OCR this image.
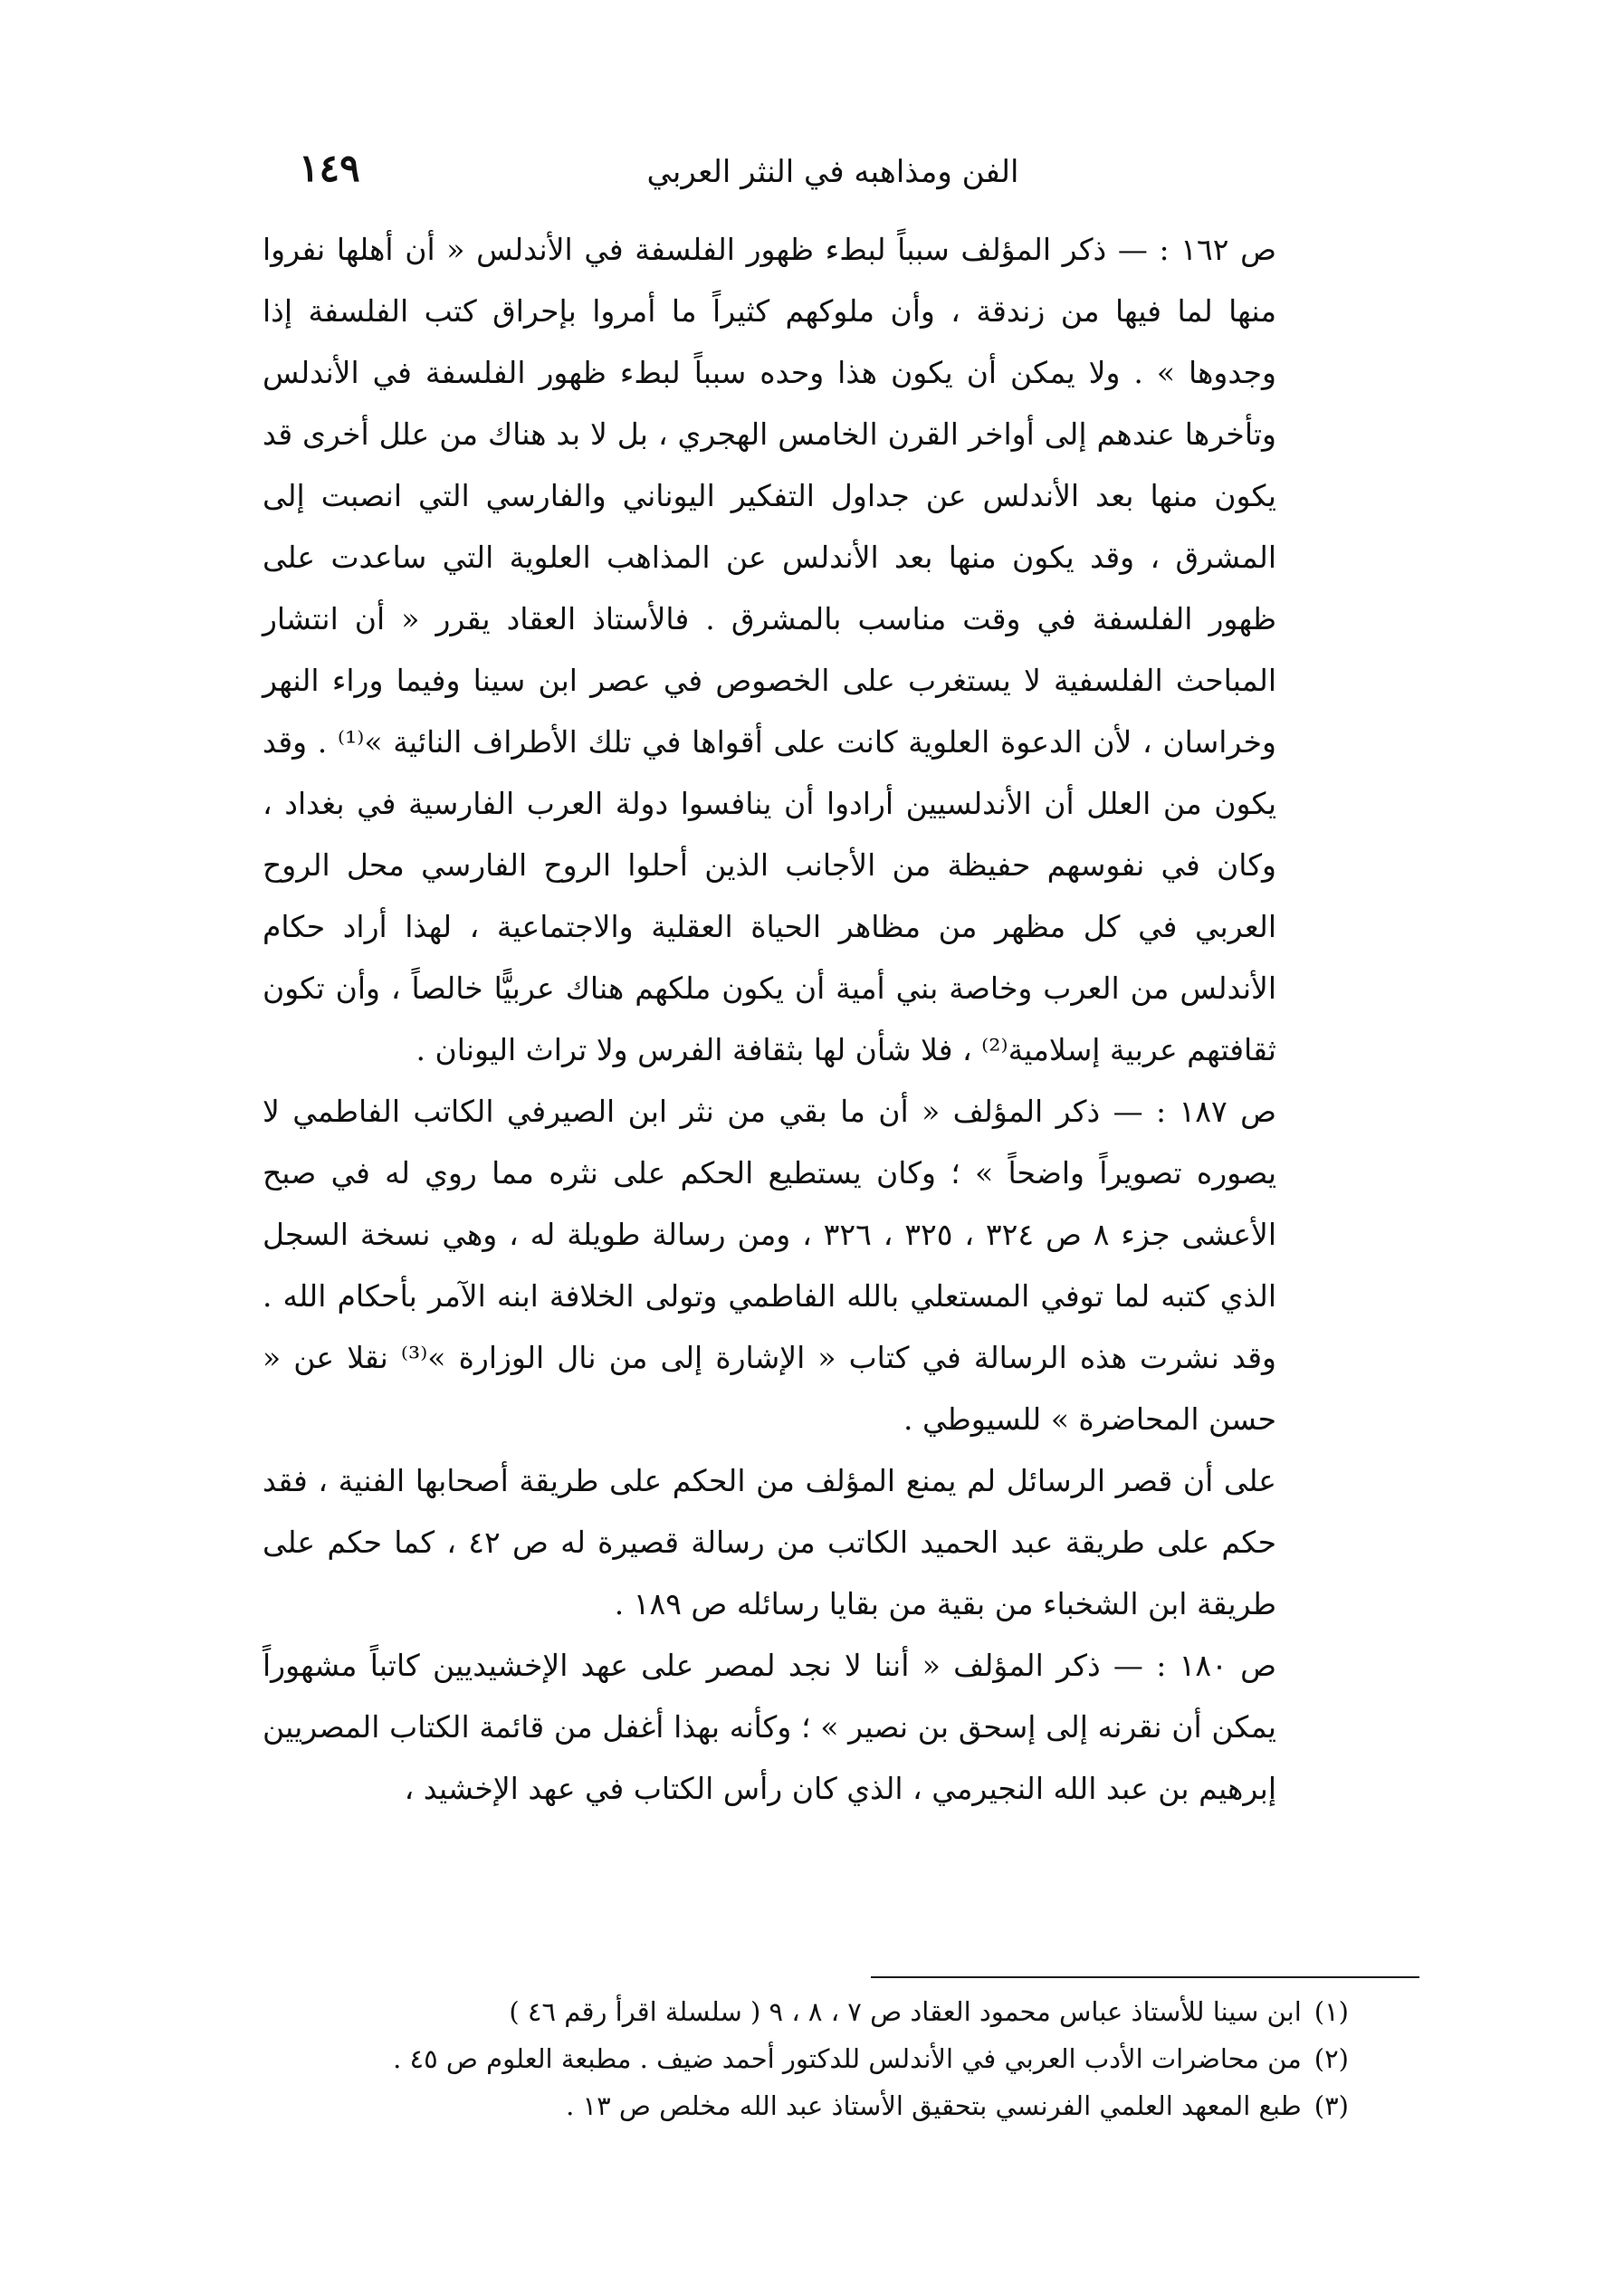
الفن ومذاهبه في النثر العربي
١٤٩

ص ١٦٢ : — ذكر المؤلف سبباً لبطء ظهور الفلسفة في الأندلس « أن أهلها نفروا منها لما فيها من زندقة ، وأن ملوكهم كثيراً ما أمروا بإحراق كتب الفلسفة إذا وجدوها » . ولا يمكن أن يكون هذا وحده سبباً لبطء ظهور الفلسفة في الأندلس وتأخرها عندهم إلى أواخر القرن الخامس الهجري ، بل لا بد هناك من علل أخرى قد يكون منها بعد الأندلس عن جداول التفكير اليوناني والفارسي التي انصبت إلى المشرق ، وقد يكون منها بعد الأندلس عن المذاهب العلوية التي ساعدت على ظهور الفلسفة في وقت مناسب بالمشرق . فالأستاذ العقاد يقرر « أن انتشار المباحث الفلسفية لا يستغرب على الخصوص في عصر ابن سينا وفيما وراء النهر وخراسان ، لأن الدعوة العلوية كانت على أقواها في تلك الأطراف النائية »⁽¹⁾ . وقد يكون من العلل أن الأندلسيين أرادوا أن ينافسوا دولة العرب الفارسية في بغداد ، وكان في نفوسهم حفيظة من الأجانب الذين أحلوا الروح الفارسي محل الروح العربي في كل مظهر من مظاهر الحياة العقلية والاجتماعية ، لهذا أراد حكام الأندلس من العرب وخاصة بني أمية أن يكون ملكهم هناك عربيًّا خالصاً ، وأن تكون ثقافتهم عربية إسلامية⁽²⁾ ، فلا شأن لها بثقافة الفرس ولا تراث اليونان .

ص ١٨٧ : — ذكر المؤلف « أن ما بقي من نثر ابن الصيرفي الكاتب الفاطمي لا يصوره تصويراً واضحاً » ؛ وكان يستطيع الحكم على نثره مما روي له في صبح الأعشى جزء ٨ ص ٣٢٤ ، ٣٢٥ ، ٣٢٦ ، ومن رسالة طويلة له ، وهي نسخة السجل الذي كتبه لما توفي المستعلي بالله الفاطمي وتولى الخلافة ابنه الآمر بأحكام الله . وقد نشرت هذه الرسالة في كتاب « الإشارة إلى من نال الوزارة »⁽³⁾ نقلا عن « حسن المحاضرة » للسيوطي .

على أن قصر الرسائل لم يمنع المؤلف من الحكم على طريقة أصحابها الفنية ، فقد حكم على طريقة عبد الحميد الكاتب من رسالة قصيرة له ص ٤٢ ، كما حكم على طريقة ابن الشخباء من بقية من بقايا رسائله ص ١٨٩ .

ص ١٨٠ : — ذكر المؤلف « أننا لا نجد لمصر على عهد الإخشيديين كاتباً مشهوراً يمكن أن نقرنه إلى إسحق بن نصير » ؛ وكأنه بهذا أغفل من قائمة الكتاب المصريين إبرهيم بن عبد الله النجيرمي ، الذي كان رأس الكتاب في عهد الإخشيد ،

(١)ابن سينا للأستاذ عباس محمود العقاد ص ٧ ، ٨ ، ٩ ( سلسلة اقرأ رقم ٤٦ )

(٢)من محاضرات الأدب العربي في الأندلس للدكتور أحمد ضيف . مطبعة العلوم ص ٤٥ .

(٣)طبع المعهد العلمي الفرنسي بتحقيق الأستاذ عبد الله مخلص ص ١٣ .
